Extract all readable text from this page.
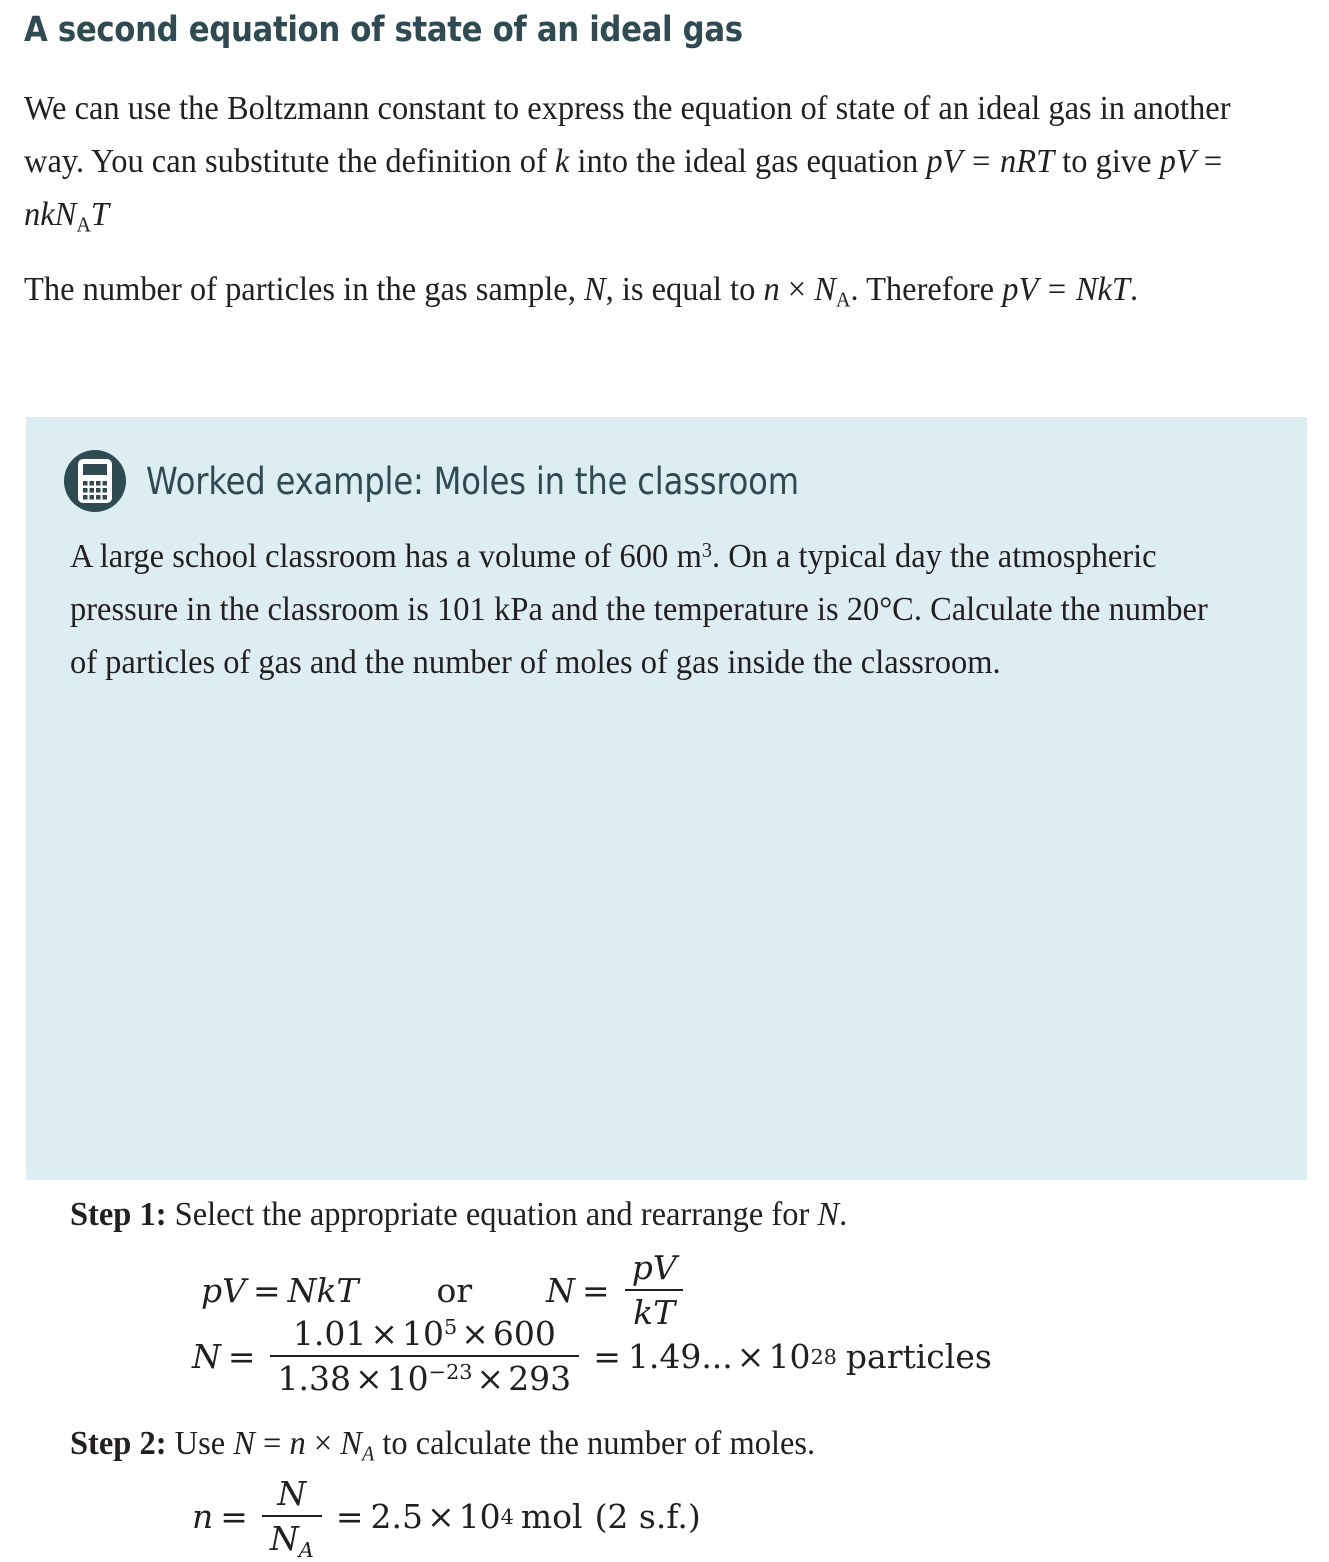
A second equation of state of an ideal gas
We can use the Boltzmann constant to express the equation of state of an ideal gas in another way. You can substitute the definition of k into the ideal gas equation pV = nRT to give pV = nkN$_A$T
The number of particles in the gas sample, N, is equal to $n \times N_A$. Therefore pV = NkT.
Worked example: Moles in the classroom
A large school classroom has a volume of 600  $m^3$. On a typical day the atmospheric pressure in the classroom is 101  kPa and the temperature is 20°C. Calculate the number of particles of gas and the number of moles of gas inside the classroom.
Step 1: Select the appropriate equation and rearrange for N.
pV = NkT or $N = \frac{pV}{kT}$
$N = \frac{1.01 \times 10^5 \times 600}{1.38 \times 10^{-23} \times 293} = 1.49$... × 10 28 particles
Step 2: Use $N = n \times N_A$ to calculate the number of moles.
$n = \frac{N}{N_A} = 2.5 \times 10$ 4 mol (2 s.f.)
